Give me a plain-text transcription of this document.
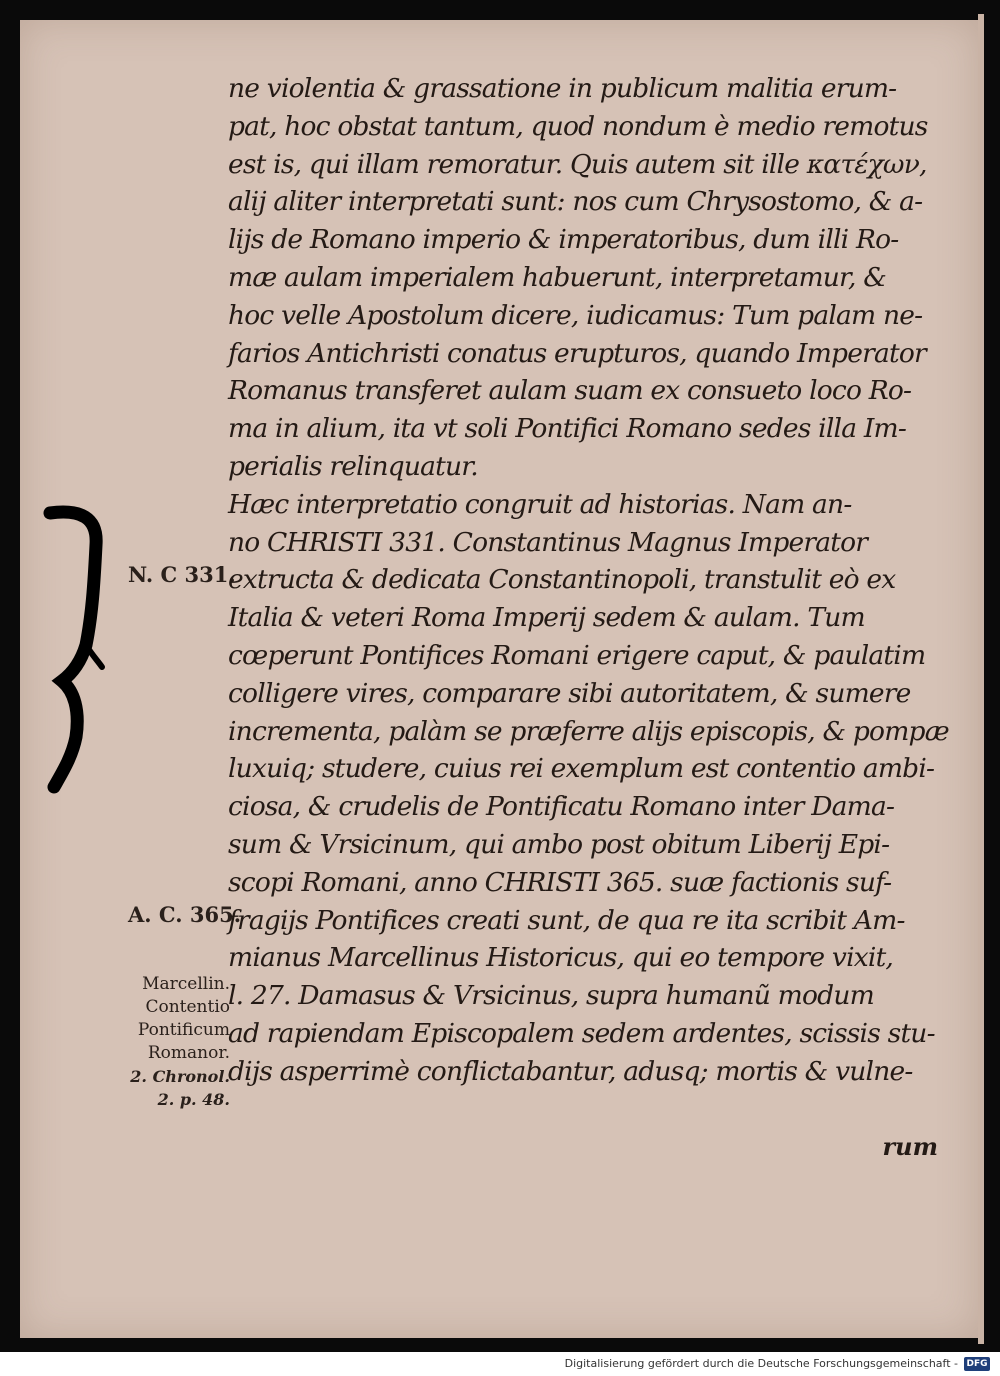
N. C 331.
A. C. 365.
Marcellin.
Contentio
Pontificum
Romanor.
2. Chronol.
2. p. 48.
ne violentia & grassatione in publicum malitia erum-
pat, hoc obstat tantum, quod nondum è medio remotus
est is, qui illam remoratur. Quis autem sit ille κατέχων,
alij aliter interpretati sunt: nos cum Chrysostomo, & a-
lijs de Romano imperio & imperatoribus, dum illi Ro-
mæ aulam imperialem habuerunt, interpretamur, &
hoc velle Apostolum dicere, iudicamus: Tum palam ne-
farios Antichristi conatus erupturos, quando Imperator
Romanus transferet aulam suam ex consueto loco Ro-
ma in alium, ita vt soli Pontifici Romano sedes illa Im-
perialis relinquatur.
Hæc interpretatio congruit ad historias. Nam an-
no CHRISTI 331. Constantinus Magnus Imperator
extructa & dedicata Constantinopoli, transtulit eò ex
Italia & veteri Roma Imperij sedem & aulam. Tum
cœperunt Pontifices Romani erigere caput, & paulatim
colligere vires, comparare sibi autoritatem, & sumere
incrementa, palàm se præferre alijs episcopis, & pompæ
luxuiq; studere, cuius rei exemplum est contentio ambi-
ciosa, & crudelis de Pontificatu Romano inter Dama-
sum & Vrsicinum, qui ambo post obitum Liberij Epi-
scopi Romani, anno CHRISTI 365. suæ factionis suf-
fragijs Pontifices creati sunt, de qua re ita scribit Am-
mianus Marcellinus Historicus, qui eo tempore vixit,
l. 27. Damasus & Vrsicinus, supra humanũ modum
ad rapiendam Episcopalem sedem ardentes, scissis stu-
dijs asperrimè conflictabantur, adusq; mortis & vulne-
rum
Digitalisierung gefördert durch die Deutsche Forschungsgemeinschaft - DFG
